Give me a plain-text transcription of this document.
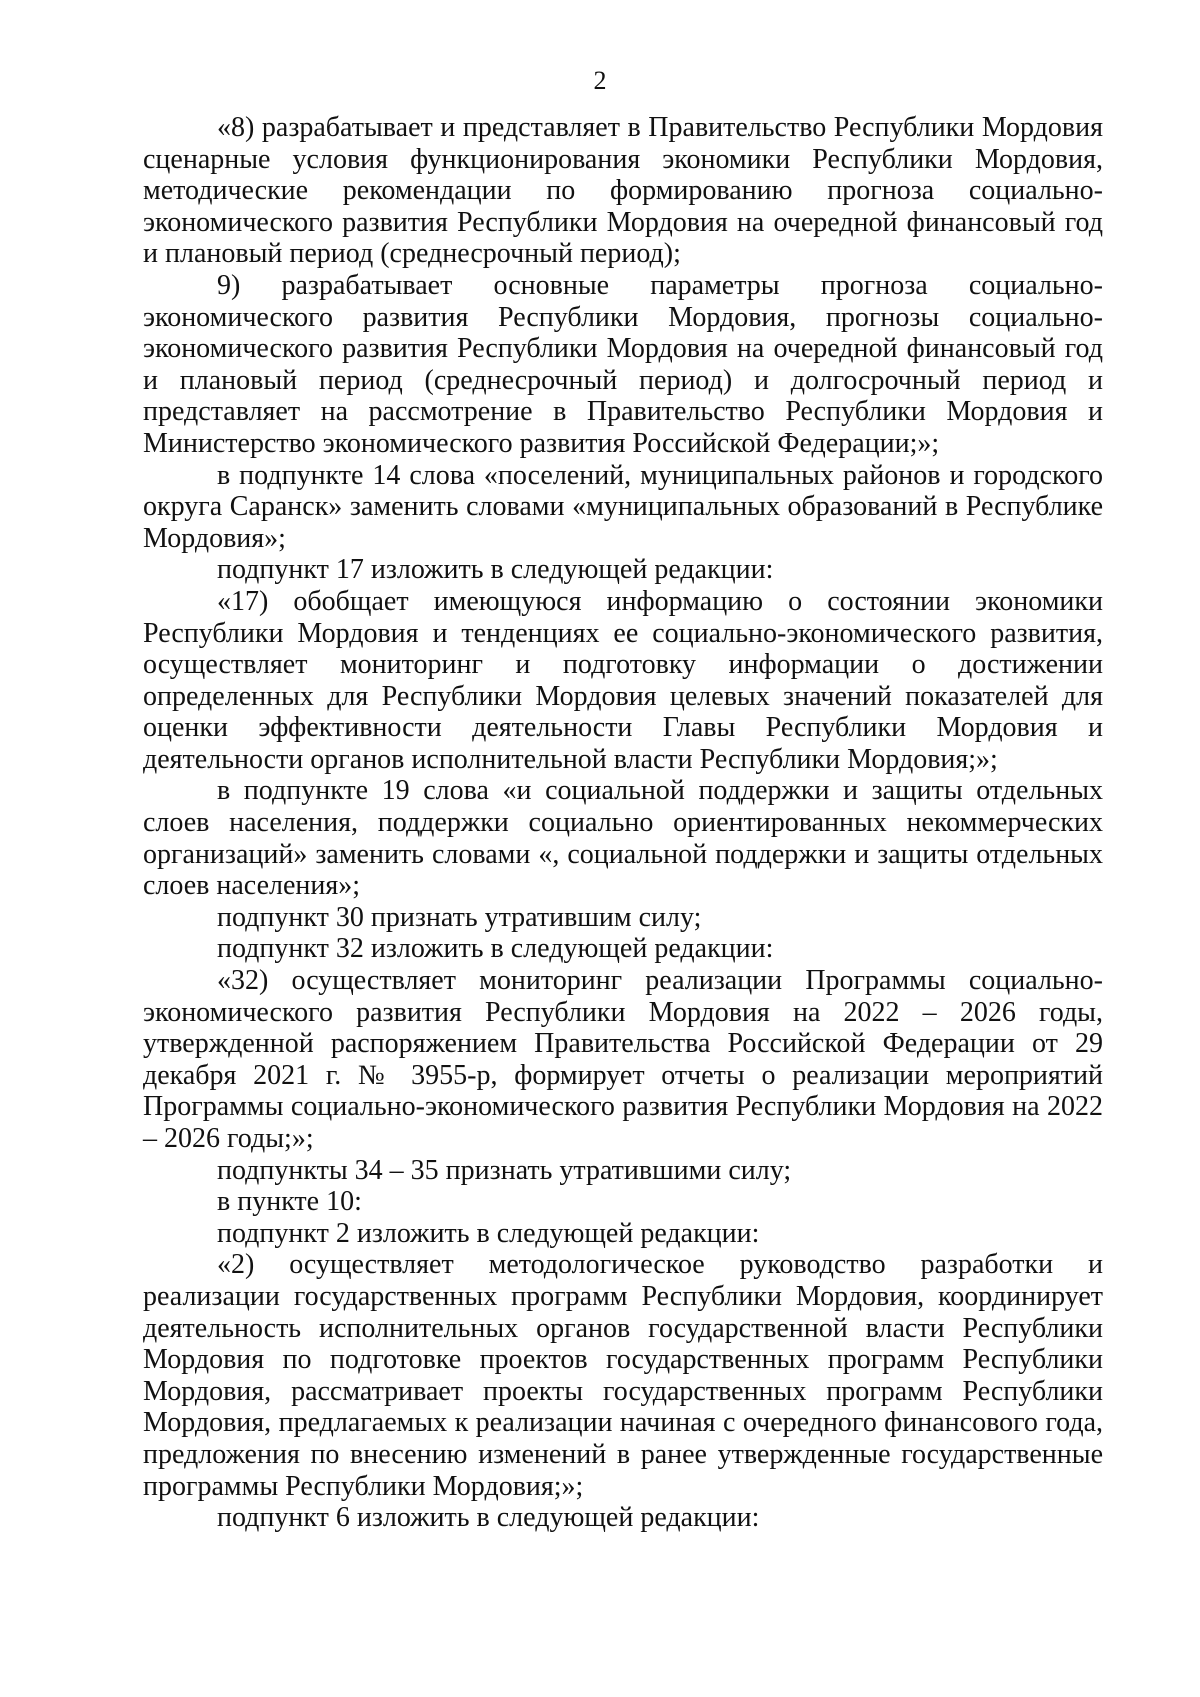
2

«8) разрабатывает и представляет в Правительство Республики Мордовия сценарные условия функционирования экономики Республики Мордовия, методические рекомендации по формированию прогноза социально-экономического развития Республики Мордовия на очередной финансовый год и плановый период (среднесрочный период);

9) разрабатывает основные параметры прогноза социально-экономического развития Республики Мордовия, прогнозы социально-экономического развития Республики Мордовия на очередной финансовый год и плановый период (среднесрочный период) и долгосрочный период и представляет на рассмотрение в Правительство Республики Мордовия и Министерство экономического развития Российской Федерации;»;

в подпункте 14 слова «поселений, муниципальных районов и городского округа Саранск» заменить словами «муниципальных образований в Республике Мордовия»;

подпункт 17 изложить в следующей редакции:

«17) обобщает имеющуюся информацию о состоянии экономики Республики Мордовия и тенденциях ее социально-экономического развития, осуществляет мониторинг и подготовку информации о достижении определенных для Республики Мордовия целевых значений показателей для оценки эффективности деятельности Главы Республики Мордовия и деятельности органов исполнительной власти Республики Мордовия;»;

в подпункте 19 слова «и социальной поддержки и защиты отдельных слоев населения, поддержки социально ориентированных некоммерческих организаций» заменить словами «, социальной поддержки и защиты отдельных слоев населения»;

подпункт 30 признать утратившим силу;

подпункт 32 изложить в следующей редакции:

«32) осуществляет мониторинг реализации Программы социально-экономического развития Республики Мордовия на 2022 – 2026 годы, утвержденной распоряжением Правительства Российской Федерации от 29 декабря 2021 г. № 3955-р, формирует отчеты о реализации мероприятий Программы социально-экономического развития Республики Мордовия на 2022 – 2026 годы;»;

подпункты 34 – 35 признать утратившими силу;

в пункте 10:

подпункт 2 изложить в следующей редакции:

«2) осуществляет методологическое руководство разработки и реализации государственных программ Республики Мордовия, координирует деятельность исполнительных органов государственной власти Республики Мордовия по подготовке проектов государственных программ Республики Мордовия, рассматривает проекты государственных программ Республики Мордовия, предлагаемых к реализации начиная с очередного финансового года, предложения по внесению изменений в ранее утвержденные государственные программы Республики Мордовия;»;

подпункт 6 изложить в следующей редакции:
